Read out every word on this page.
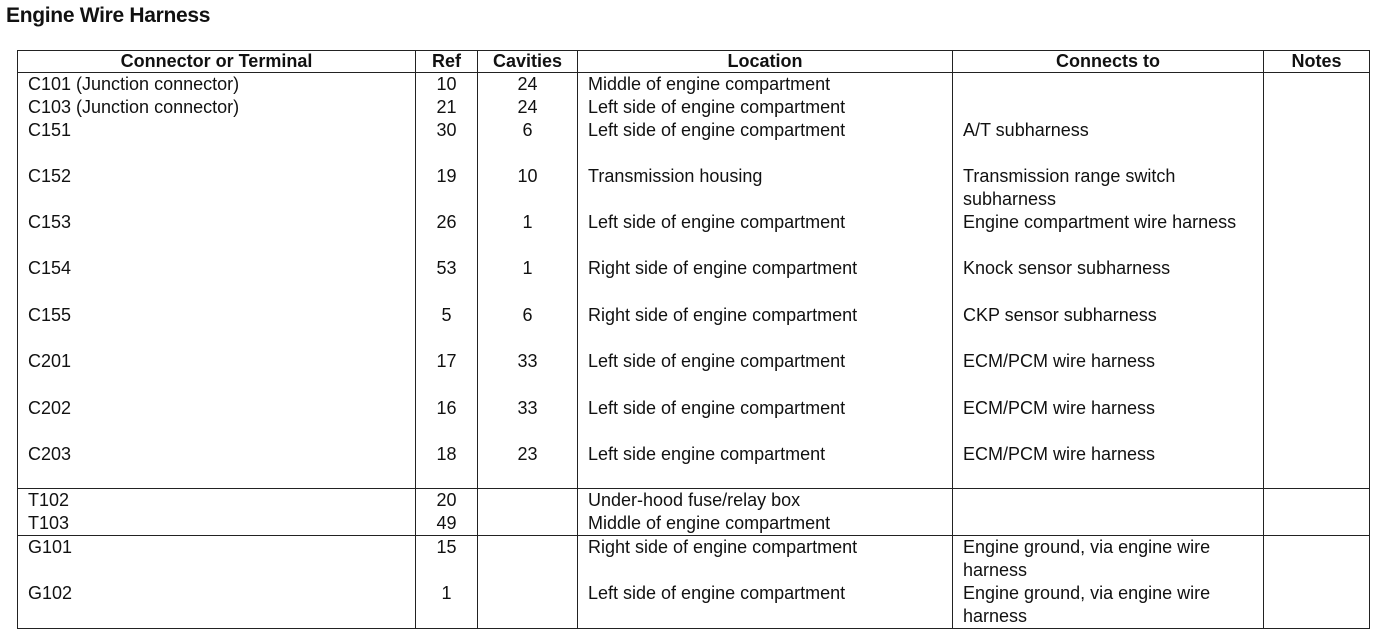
Engine Wire Harness
Connector or Terminal	Ref	Cavities	Location	Connects to	Notes
C101 (Junction connector)	10	24	Middle of engine compartment		
C103 (Junction connector)	21	24	Left side of engine compartment		
C151	30	6	Left side of engine compartment	A/T subharness	
C152	19	10	Transmission housing	Transmission range switch subharness	
C153	26	1	Left side of engine compartment	Engine compartment wire harness	
C154	53	1	Right side of engine compartment	Knock sensor subharness	
C155	5	6	Right side of engine compartment	CKP sensor subharness	
C201	17	33	Left side of engine compartment	ECM/PCM wire harness	
C202	16	33	Left side of engine compartment	ECM/PCM wire harness	
C203	18	23	Left side engine compartment	ECM/PCM wire harness	
T102	20		Under-hood fuse/relay box		
T103	49		Middle of engine compartment		
G101	15		Right side of engine compartment	Engine ground, via engine wire harness	
G102	1		Left side of engine compartment	Engine ground, via engine wire harness	
